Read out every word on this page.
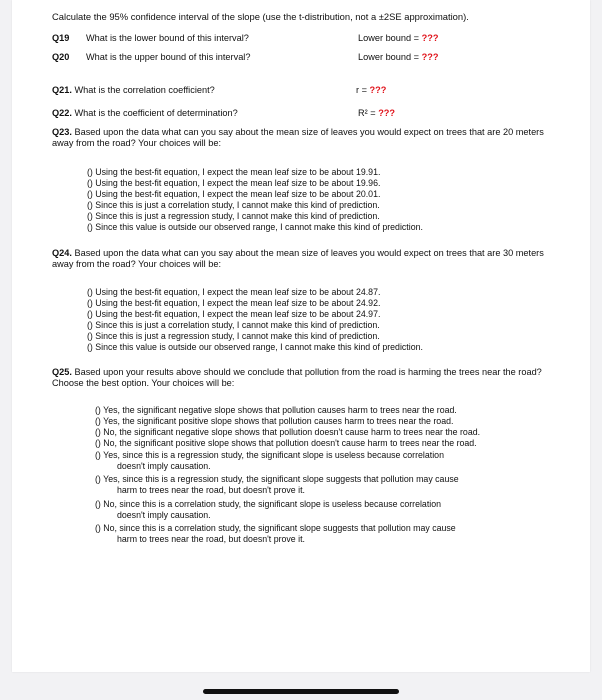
Calculate the 95% confidence interval of the slope (use the t-distribution, not a ±2SE approximation).
Q19 What is the lower bound of this interval?	Lower bound = ???
Q20 What is the upper bound of this interval?	Lower bound = ???
Q21. What is the correlation coefficient?	r = ???
Q22. What is the coefficient of determination?	R² = ???
Q23. Based upon the data what can you say about the mean size of leaves you would expect on trees that are 20 meters away from the road? Your choices will be:
() Using the best-fit equation, I expect the mean leaf size to be about 19.91.
() Using the best-fit equation, I expect the mean leaf size to be about 19.96.
() Using the best-fit equation, I expect the mean leaf size to be about 20.01.
() Since this is just a correlation study, I cannot make this kind of prediction.
() Since this is just a regression study, I cannot make this kind of prediction.
() Since this value is outside our observed range, I cannot make this kind of prediction.
Q24. Based upon the data what can you say about the mean size of leaves you would expect on trees that are 30 meters away from the road? Your choices will be:
() Using the best-fit equation, I expect the mean leaf size to be about 24.87.
() Using the best-fit equation, I expect the mean leaf size to be about 24.92.
() Using the best-fit equation, I expect the mean leaf size to be about 24.97.
() Since this is just a correlation study, I cannot make this kind of prediction.
() Since this is just a regression study, I cannot make this kind of prediction.
() Since this value is outside our observed range, I cannot make this kind of prediction.
Q25. Based upon your results above should we conclude that pollution from the road is harming the trees near the road? Choose the best option. Your choices will be:
() Yes, the significant negative slope shows that pollution causes harm to trees near the road.
() Yes, the significant positive slope shows that pollution causes harm to trees near the road.
() No, the significant negative slope shows that pollution doesn't cause harm to trees near the road.
() No, the significant positive slope shows that pollution doesn't cause harm to trees near the road.
() Yes, since this is a regression study, the significant slope is useless because correlation
doesn't imply causation.
() Yes, since this is a regression study, the significant slope suggests that pollution may cause
harm to trees near the road, but doesn't prove it.
() No, since this is a correlation study, the significant slope is useless because correlation
doesn't imply causation.
() No, since this is a correlation study, the significant slope suggests that pollution may cause
harm to trees near the road, but doesn't prove it.
